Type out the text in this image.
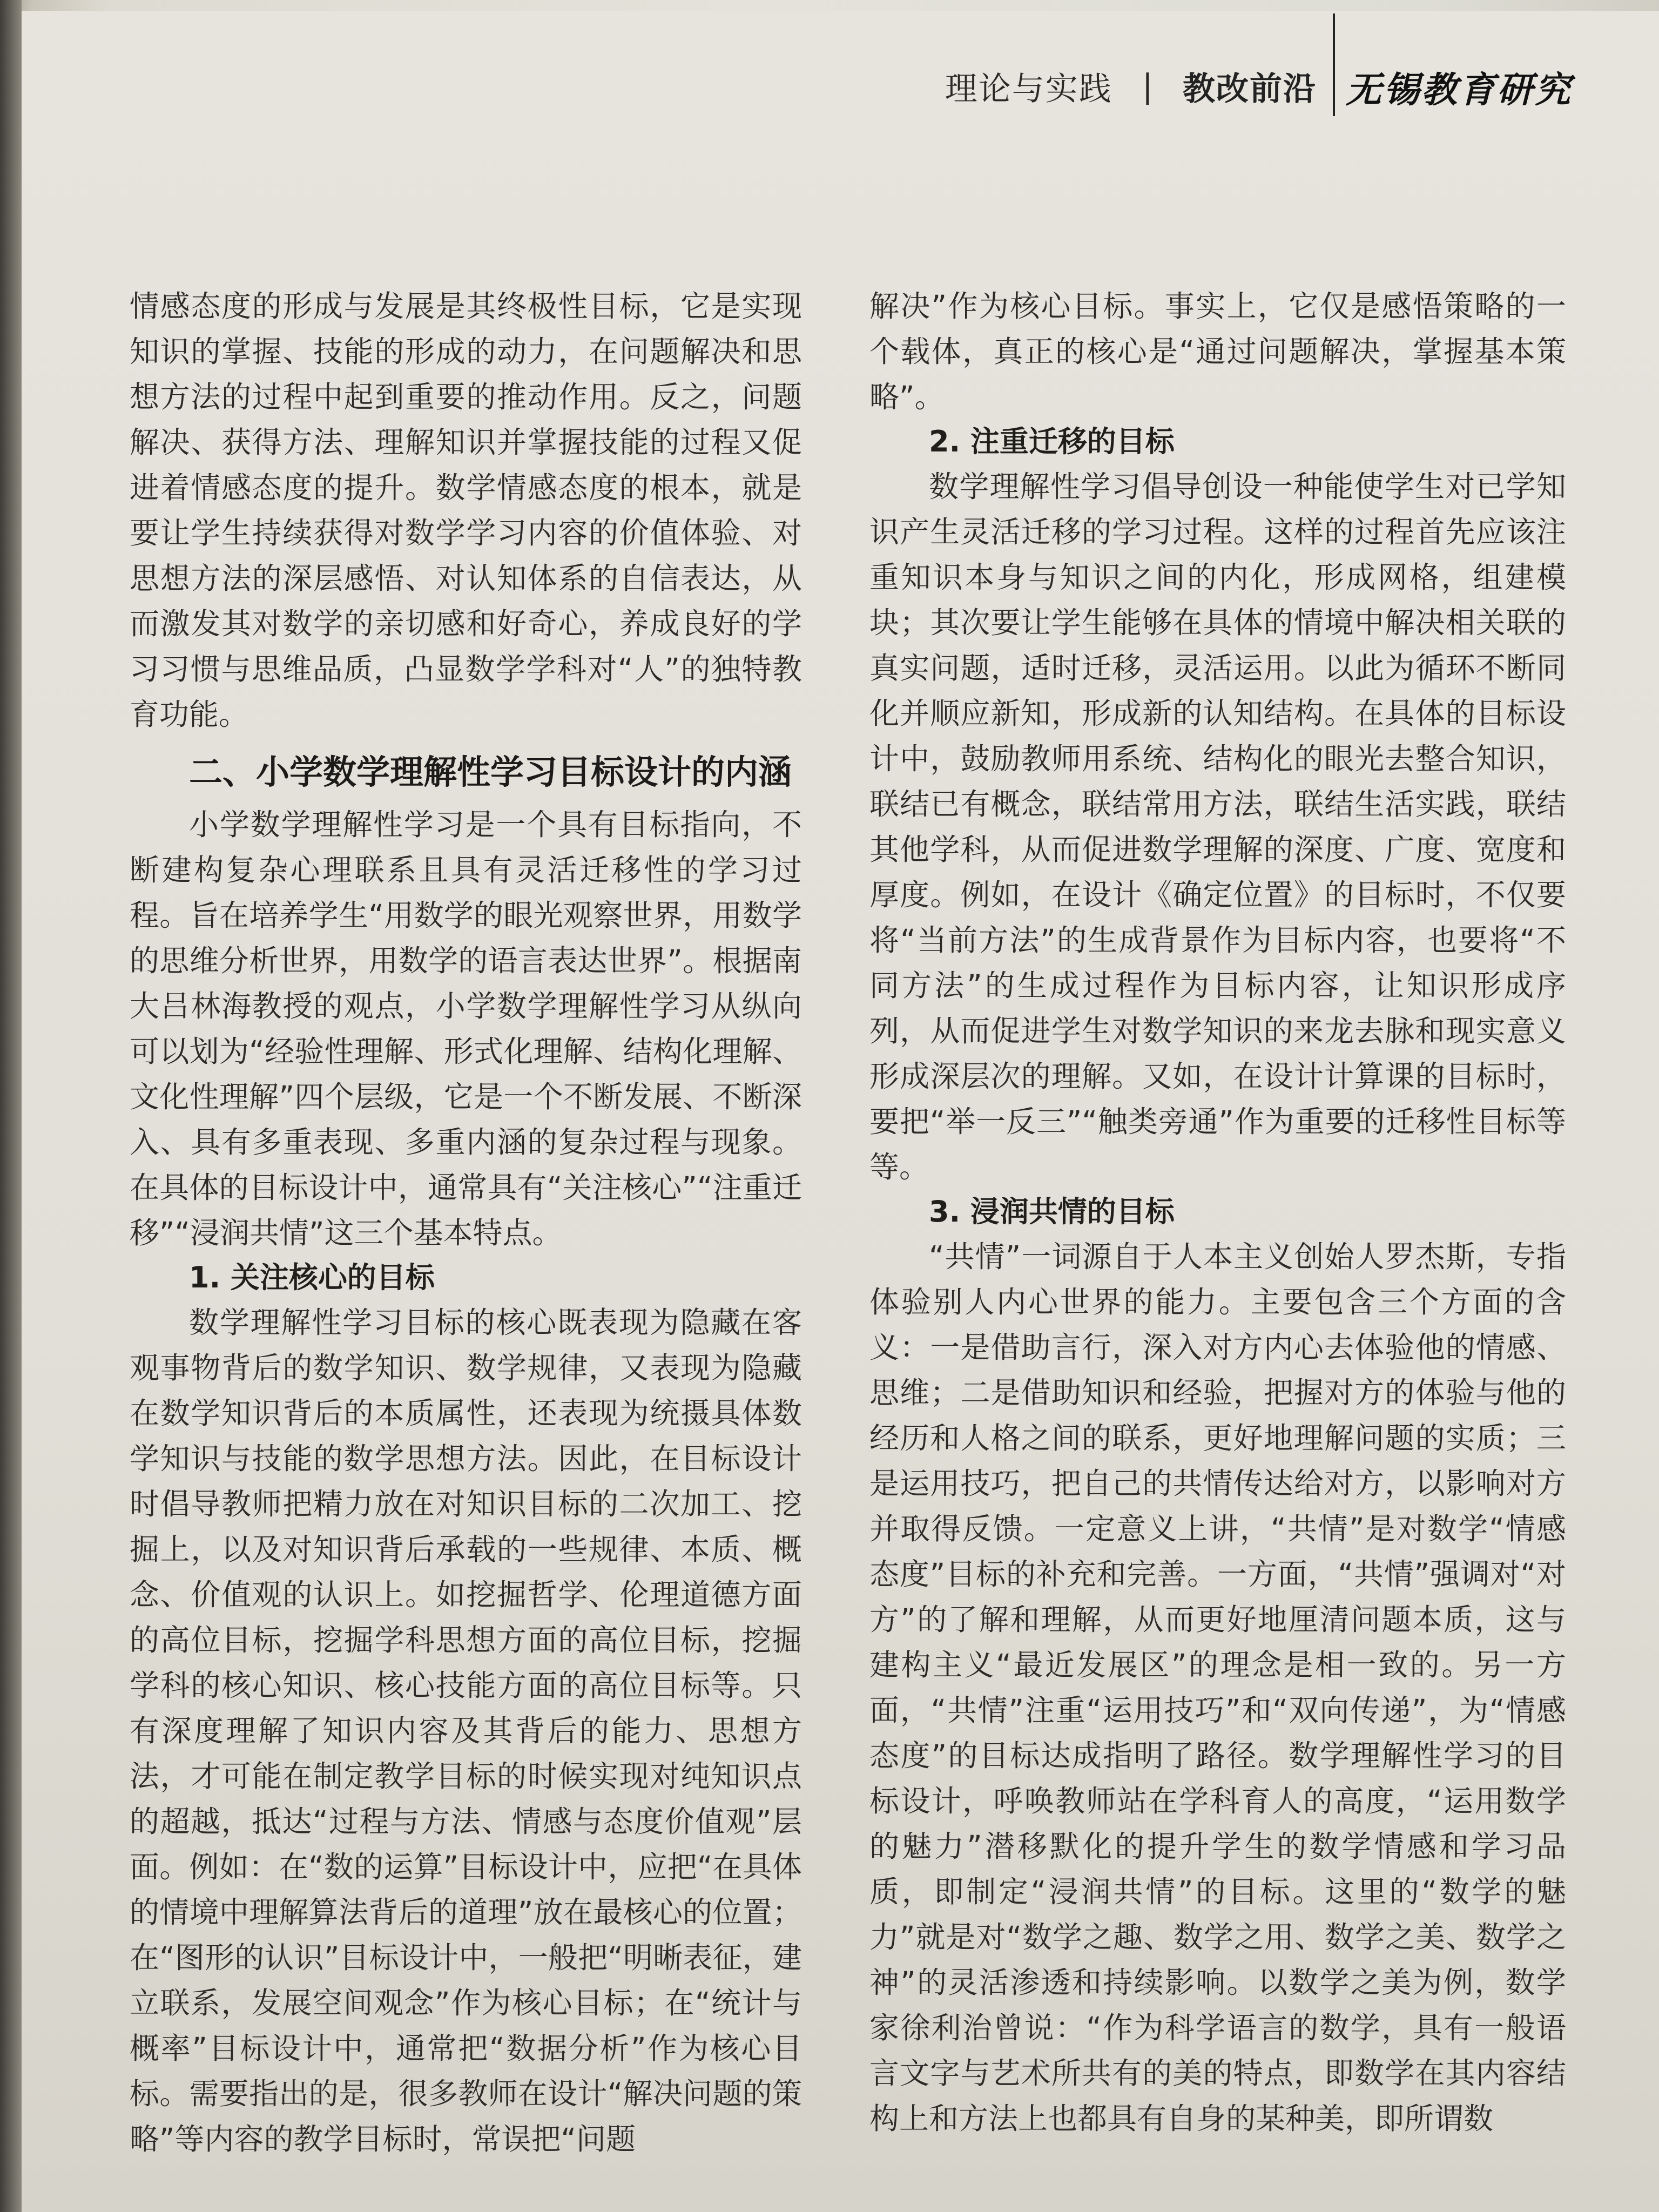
理论与实践 | 教改前沿 无锡教育研究

情感态度的形成与发展是其终极性目标，它是实现知识的掌握、技能的形成的动力，在问题解决和思想方法的过程中起到重要的推动作用。反之，问题解决、获得方法、理解知识并掌握技能的过程又促进着情感态度的提升。数学情感态度的根本，就是要让学生持续获得对数学学习内容的价值体验、对思想方法的深层感悟、对认知体系的自信表达，从而激发其对数学的亲切感和好奇心，养成良好的学习习惯与思维品质，凸显数学学科对“人”的独特教育功能。

二、小学数学理解性学习目标设计的内涵

小学数学理解性学习是一个具有目标指向，不断建构复杂心理联系且具有灵活迁移性的学习过程。旨在培养学生“用数学的眼光观察世界，用数学的思维分析世界，用数学的语言表达世界”。根据南大吕林海教授的观点，小学数学理解性学习从纵向可以划为“经验性理解、形式化理解、结构化理解、文化性理解”四个层级，它是一个不断发展、不断深入、具有多重表现、多重内涵的复杂过程与现象。在具体的目标设计中，通常具有“关注核心”“注重迁移”“浸润共情”这三个基本特点。

1. 关注核心的目标

数学理解性学习目标的核心既表现为隐藏在客观事物背后的数学知识、数学规律，又表现为隐藏在数学知识背后的本质属性，还表现为统摄具体数学知识与技能的数学思想方法。因此，在目标设计时倡导教师把精力放在对知识目标的二次加工、挖掘上，以及对知识背后承载的一些规律、本质、概念、价值观的认识上。如挖掘哲学、伦理道德方面的高位目标，挖掘学科思想方面的高位目标，挖掘学科的核心知识、核心技能方面的高位目标等。只有深度理解了知识内容及其背后的能力、思想方法，才可能在制定教学目标的时候实现对纯知识点的超越，抵达“过程与方法、情感与态度价值观”层面。例如：在“数的运算”目标设计中，应把“在具体的情境中理解算法背后的道理”放在最核心的位置；在“图形的认识”目标设计中，一般把“明晰表征，建立联系，发展空间观念”作为核心目标；在“统计与概率”目标设计中，通常把“数据分析”作为核心目标。需要指出的是，很多教师在设计“解决问题的策略”等内容的教学目标时，常误把“问题

解决”作为核心目标。事实上，它仅是感悟策略的一个载体，真正的核心是“通过问题解决，掌握基本策略”。

2. 注重迁移的目标

数学理解性学习倡导创设一种能使学生对已学知识产生灵活迁移的学习过程。这样的过程首先应该注重知识本身与知识之间的内化，形成网格，组建模块；其次要让学生能够在具体的情境中解决相关联的真实问题，适时迁移，灵活运用。以此为循环不断同化并顺应新知，形成新的认知结构。在具体的目标设计中，鼓励教师用系统、结构化的眼光去整合知识，联结已有概念，联结常用方法，联结生活实践，联结其他学科，从而促进数学理解的深度、广度、宽度和厚度。例如，在设计《确定位置》的目标时，不仅要将“当前方法”的生成背景作为目标内容，也要将“不同方法”的生成过程作为目标内容，让知识形成序列，从而促进学生对数学知识的来龙去脉和现实意义形成深层次的理解。又如，在设计计算课的目标时，要把“举一反三”“触类旁通”作为重要的迁移性目标等等。

3. 浸润共情的目标

“共情”一词源自于人本主义创始人罗杰斯，专指体验别人内心世界的能力。主要包含三个方面的含义：一是借助言行，深入对方内心去体验他的情感、思维；二是借助知识和经验，把握对方的体验与他的经历和人格之间的联系，更好地理解问题的实质；三是运用技巧，把自己的共情传达给对方，以影响对方并取得反馈。一定意义上讲，“共情”是对数学“情感态度”目标的补充和完善。一方面，“共情”强调对“对方”的了解和理解，从而更好地厘清问题本质，这与建构主义“最近发展区”的理念是相一致的。另一方面，“共情”注重“运用技巧”和“双向传递”，为“情感态度”的目标达成指明了路径。数学理解性学习的目标设计，呼唤教师站在学科育人的高度，“运用数学的魅力”潜移默化的提升学生的数学情感和学习品质，即制定“浸润共情”的目标。这里的“数学的魅力”就是对“数学之趣、数学之用、数学之美、数学之神”的灵活渗透和持续影响。以数学之美为例，数学家徐利治曾说：“作为科学语言的数学，具有一般语言文字与艺术所共有的美的特点，即数学在其内容结构上和方法上也都具有自身的某种美，即所谓数
